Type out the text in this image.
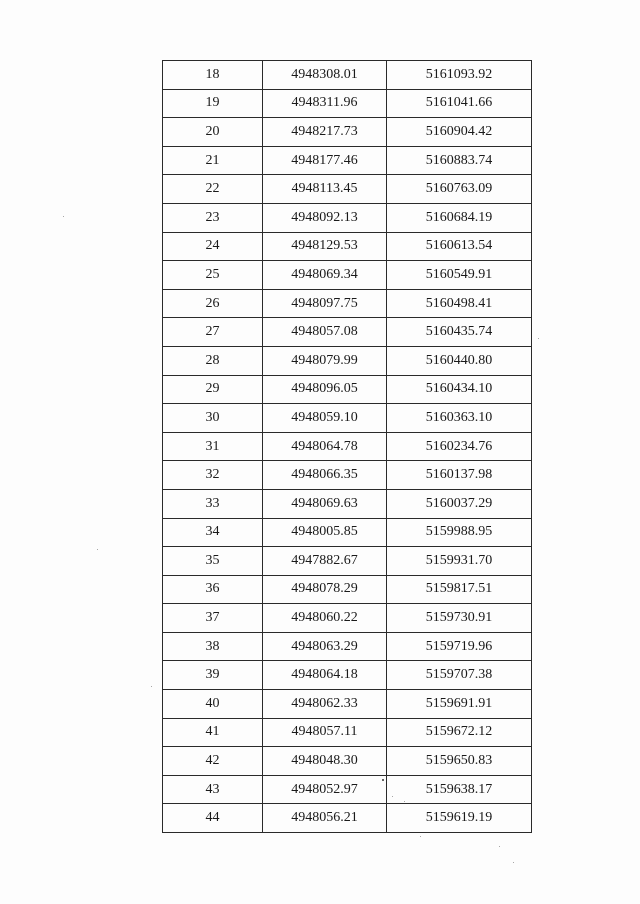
18	4948308.01	5161093.92
19	4948311.96	5161041.66
20	4948217.73	5160904.42
21	4948177.46	5160883.74
22	4948113.45	5160763.09
23	4948092.13	5160684.19
24	4948129.53	5160613.54
25	4948069.34	5160549.91
26	4948097.75	5160498.41
27	4948057.08	5160435.74
28	4948079.99	5160440.80
29	4948096.05	5160434.10
30	4948059.10	5160363.10
31	4948064.78	5160234.76
32	4948066.35	5160137.98
33	4948069.63	5160037.29
34	4948005.85	5159988.95
35	4947882.67	5159931.70
36	4948078.29	5159817.51
37	4948060.22	5159730.91
38	4948063.29	5159719.96
39	4948064.18	5159707.38
40	4948062.33	5159691.91
41	4948057.11	5159672.12
42	4948048.30	5159650.83
43	4948052.97	5159638.17
44	4948056.21	5159619.19
